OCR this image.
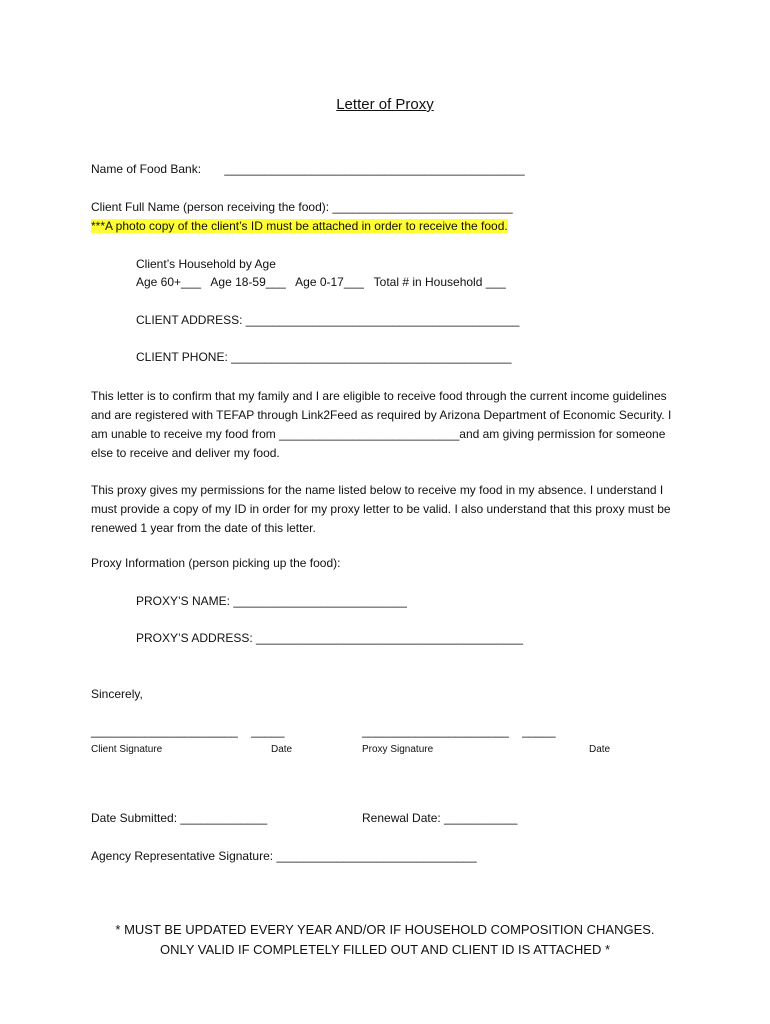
Letter of Proxy
Name of Food Bank:       _____________________________________________
Client Full Name (person receiving the food): ___________________________
***A photo copy of the client’s ID must be attached in order to receive the food.
Client’s Household by Age
Age 60+___   Age 18-59___   Age 0-17___   Total # in Household ___
CLIENT ADDRESS: _________________________________________
CLIENT PHONE: __________________________________________
This letter is to confirm that my family and I are eligible to receive food through the current income guidelines and are registered with TEFAP through Link2Feed as required by Arizona Department of Economic Security. I am unable to receive my food from ___________________________and am giving permission for someone else to receive and deliver my food.
This proxy gives my permissions for the name listed below to receive my food in my absence. I understand I must provide a copy of my ID in order for my proxy letter to be valid. I also understand that this proxy must be renewed 1 year from the date of this letter.
Proxy Information (person picking up the food):
PROXY’S NAME: __________________________
PROXY’S ADDRESS: ________________________________________
Sincerely,
______________________    _____	______________________    _____
Client Signature	Date	Proxy Signature	Date
Date Submitted: _____________	Renewal Date: ___________
Agency Representative Signature: ______________________________
* MUST BE UPDATED EVERY YEAR AND/OR IF HOUSEHOLD COMPOSITION CHANGES.
ONLY VALID IF COMPLETELY FILLED OUT AND CLIENT ID IS ATTACHED *
